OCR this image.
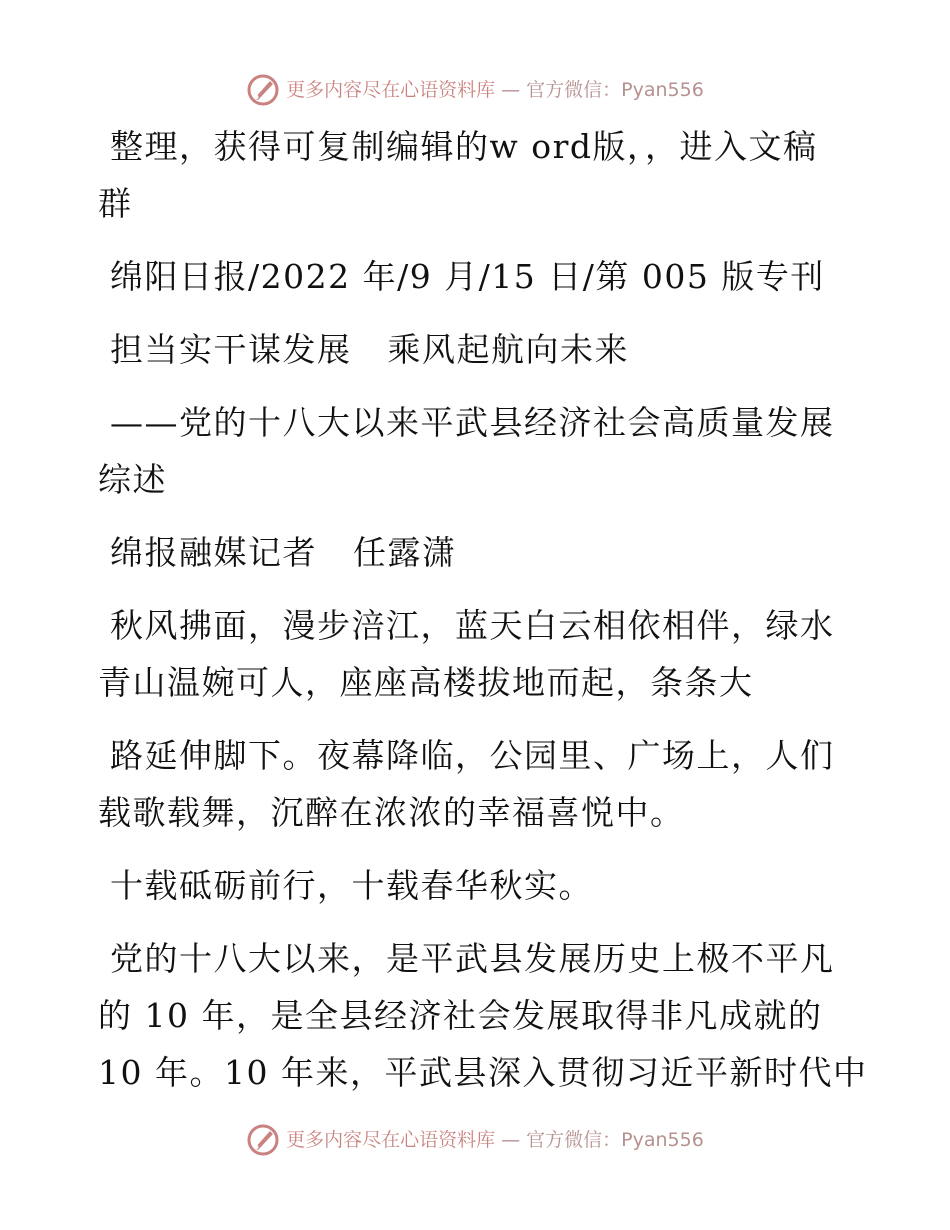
更多内容尽在心语资料库 — 官方微信：Pyan556
整理，获得可复制编辑的w ord版，，进入文稿
群
绵阳日报/2022 年/9 月/15 日/第 005 版专刊
担当实干谋发展   乘风起航向未来
——党的十八大以来平武县经济社会高质量发展
综述
绵报融媒记者   任露潇
秋风拂面，漫步涪江，蓝天白云相依相伴，绿水
青山温婉可人，座座高楼拔地而起，条条大
路延伸脚下。夜幕降临，公园里、广场上，人们
载歌载舞，沉醉在浓浓的幸福喜悦中。
十载砥砺前行，十载春华秋实。
党的十八大以来，是平武县发展历史上极不平凡
的 10 年，是全县经济社会发展取得非凡成就的
10 年。10 年来，平武县深入贯彻习近平新时代中
更多内容尽在心语资料库 — 官方微信：Pyan556
